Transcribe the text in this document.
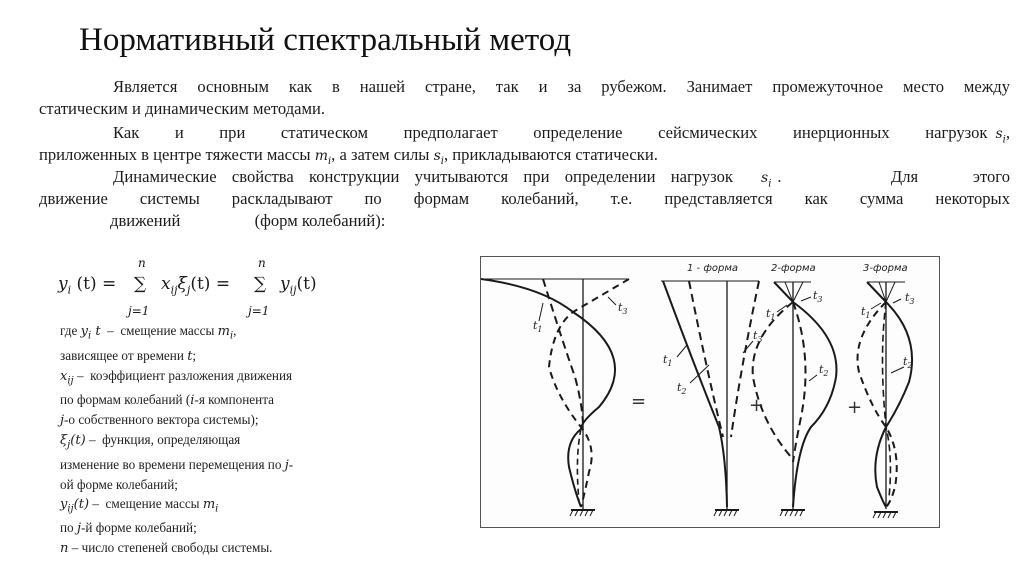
Нормативный спектральный метод
Является основным как в нашей стране, так и за рубежом. Занимает промежуточное место между
статическим и динамическим методами.
Как и при статическом предполагает определение сейсмических инерционных нагрузок $s_i$,
приложенных в центре тяжести массы $m_i$, а затем силы $s_i$, прикладываются статически.
Динамические свойства конструкции учитываются при определении нагрузок $s_i$ .  Для этого
движение системы раскладывают по формам колебаний, т.е. представляется как сумма некоторых
движений	(форм колебаний):
n	n
$y_i$ (t) = ∑ $x_{ij}\xi_j(t)$ = ∑ $y_{ij}(t)$
j=1	j=1
где $y_i$ t  –  смещение массы $m_i$,
зависящее от времени t;
$x_{ij}$ –  коэффициент разложения движения
по формам колебаний (i-я компонента
j-о собственного вектора системы);
$\xi_j(t)$ –  функция, определяющая
изменение во времени перемещения по j-
ой форме колебаний;
$y_{ij}(t)$ –  смещение массы $m_i$
по j-й форме колебаний;
n – число степеней свободы системы.
1 - форма	2-форма	3-форма
=	+	+
$t_1$
$t_3$
$t_1$
$t_2$
$t_3$
$t_1$
$t_3$
$t_2$
$t_1$
$t_3$
$t_2$
